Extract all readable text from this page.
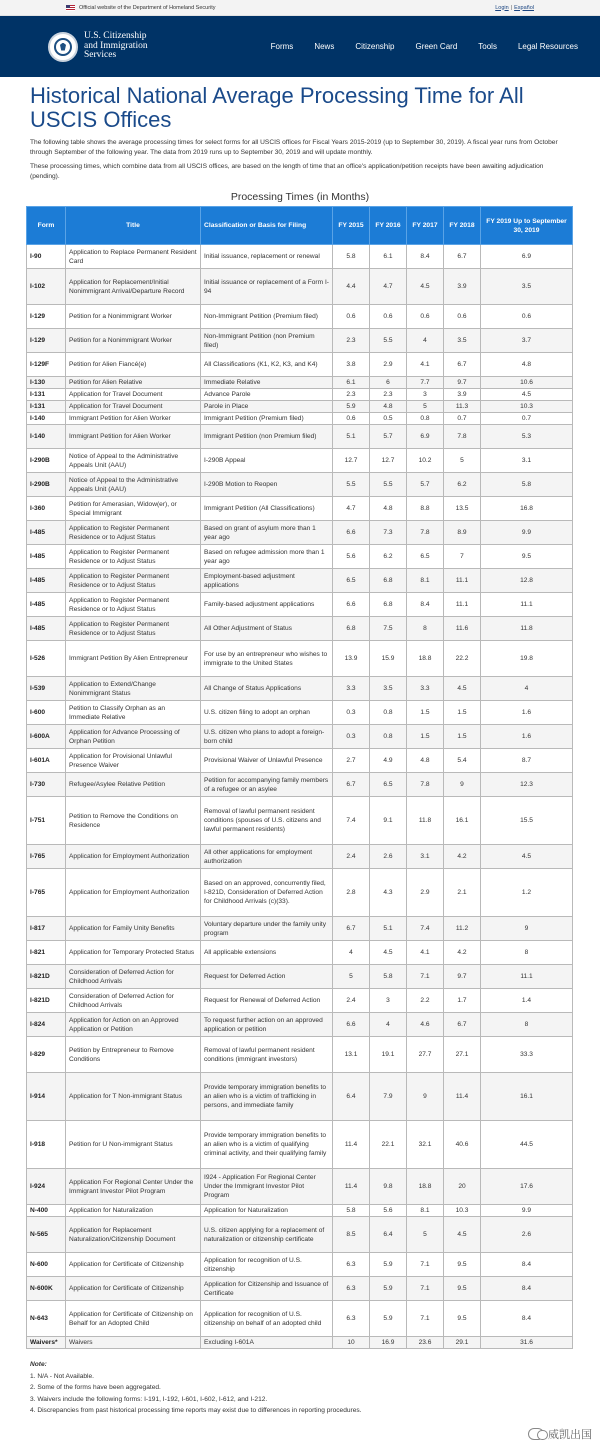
Official website of the Department of Homeland Security	Login | Español
U.S. Citizenship
and Immigration
Services
Forms	News	Citizenship	Green Card	Tools	Legal Resources
Historical National Average Processing Time for All USCIS Offices

The following table shows the average processing times for select forms for all USCIS offices for Fiscal Years 2015-2019 (up to September 30, 2019). A fiscal year runs from October through September of the following year. The data from 2019 runs up to September 30, 2019 and will update monthly.

These processing times, which combine data from all USCIS offices, are based on the length of time that an office's application/petition receipts have been awaiting adjudication (pending).

Processing Times (in Months)
Form	Title	Classification or Basis for Filing	FY 2015	FY 2016	FY 2017	FY 2018	FY 2019 Up to September 30, 2019
I-90	Application to Replace Permanent Resident Card	Initial issuance, replacement or renewal	5.8	6.1	8.4	6.7	6.9
I-102	Application for Replacement/Initial Nonimmigrant Arrival/Departure Record	Initial issuance or replacement of a Form I-94	4.4	4.7	4.5	3.9	3.5
I-129	Petition for a Nonimmigrant Worker	Non-Immigrant Petition (Premium filed)	0.6	0.6	0.6	0.6	0.6
I-129	Petition for a Nonimmigrant Worker	Non-Immigrant Petition (non Premium filed)	2.3	5.5	4	3.5	3.7
I-129F	Petition for Alien Fiancé(e)	All Classifications (K1, K2, K3, and K4)	3.8	2.9	4.1	6.7	4.8
I-130	Petition for Alien Relative	Immediate Relative	6.1	6	7.7	9.7	10.6
I-131	Application for Travel Document	Advance Parole	2.3	2.3	3	3.9	4.5
I-131	Application for Travel Document	Parole in Place	5.9	4.8	5	11.3	10.3
I-140	Immigrant Petition for Alien Worker	Immigrant Petition (Premium filed)	0.6	0.5	0.8	0.7	0.7
I-140	Immigrant Petition for Alien Worker	Immigrant Petition (non Premium filed)	5.1	5.7	6.9	7.8	5.3
I-290B	Notice of Appeal to the Administrative Appeals Unit (AAU)	I-290B Appeal	12.7	12.7	10.2	5	3.1
I-290B	Notice of Appeal to the Administrative Appeals Unit (AAU)	I-290B Motion to Reopen	5.5	5.5	5.7	6.2	5.8
I-360	Petition for Amerasian, Widow(er), or Special Immigrant	Immigrant Petition (All Classifications)	4.7	4.8	8.8	13.5	16.8
I-485	Application to Register Permanent Residence or to Adjust Status	Based on grant of asylum more than 1 year ago	6.6	7.3	7.8	8.9	9.9
I-485	Application to Register Permanent Residence or to Adjust Status	Based on refugee admission more than 1 year ago	5.6	6.2	6.5	7	9.5
I-485	Application to Register Permanent Residence or to Adjust Status	Employment-based adjustment applications	6.5	6.8	8.1	11.1	12.8
I-485	Application to Register Permanent Residence or to Adjust Status	Family-based adjustment applications	6.6	6.8	8.4	11.1	11.1
I-485	Application to Register Permanent Residence or to Adjust Status	All Other Adjustment of Status	6.8	7.5	8	11.6	11.8
I-526	Immigrant Petition By Alien Entrepreneur	For use by an entrepreneur who wishes to immigrate to the United States	13.9	15.9	18.8	22.2	19.8
I-539	Application to Extend/Change Nonimmigrant Status	All Change of Status Applications	3.3	3.5	3.3	4.5	4
I-600	Petition to Classify Orphan as an Immediate Relative	U.S. citizen filing to adopt an orphan	0.3	0.8	1.5	1.5	1.6
I-600A	Application for Advance Processing of Orphan Petition	U.S. citizen who plans to adopt a foreign-born child	0.3	0.8	1.5	1.5	1.6
I-601A	Application for Provisional Unlawful Presence Waiver	Provisional Waiver of Unlawful Presence	2.7	4.9	4.8	5.4	8.7
I-730	Refugee/Asylee Relative Petition	Petition for accompanying family members of a refugee or an asylee	6.7	6.5	7.8	9	12.3
I-751	Petition to Remove the Conditions on Residence	Removal of lawful permanent resident conditions (spouses of U.S. citizens and lawful permanent residents)	7.4	9.1	11.8	16.1	15.5
I-765	Application for Employment Authorization	All other applications for employment authorization	2.4	2.6	3.1	4.2	4.5
I-765	Application for Employment Authorization	Based on an approved, concurrently filed, I-821D, Consideration of Deferred Action for Childhood Arrivals (c)(33).	2.8	4.3	2.9	2.1	1.2
I-817	Application for Family Unity Benefits	Voluntary departure under the family unity program	6.7	5.1	7.4	11.2	9
I-821	Application for Temporary Protected Status	All applicable extensions	4	4.5	4.1	4.2	8
I-821D	Consideration of Deferred Action for Childhood Arrivals	Request for Deferred Action	5	5.8	7.1	9.7	11.1
I-821D	Consideration of Deferred Action for Childhood Arrivals	Request for Renewal of Deferred Action	2.4	3	2.2	1.7	1.4
I-824	Application for Action on an Approved Application or Petition	To request further action on an approved application or petition	6.6	4	4.6	6.7	8
I-829	Petition by Entrepreneur to Remove Conditions	Removal of lawful permanent resident conditions (immigrant investors)	13.1	19.1	27.7	27.1	33.3
I-914	Application for T Non-immigrant Status	Provide temporary immigration benefits to an alien who is a victim of trafficking in persons, and immediate family	6.4	7.9	9	11.4	16.1
I-918	Petition for U Non-immigrant Status	Provide temporary immigration benefits to an alien who is a victim of qualifying criminal activity, and their qualifying family	11.4	22.1	32.1	40.6	44.5
I-924	Application For Regional Center Under the Immigrant Investor Pilot Program	I924 - Application For Regional Center Under the Immigrant Investor Pilot Program	11.4	9.8	18.8	20	17.6
N-400	Application for Naturalization	Application for Naturalization	5.8	5.6	8.1	10.3	9.9
N-565	Application for Replacement Naturalization/Citizenship Document	U.S. citizen applying for a replacement of naturalization or citizenship certificate	8.5	6.4	5	4.5	2.6
N-600	Application for Certificate of Citizenship	Application for recognition of U.S. citizenship	6.3	5.9	7.1	9.5	8.4
N-600K	Application for Certificate of Citizenship	Application for Citizenship and Issuance of Certificate	6.3	5.9	7.1	9.5	8.4
N-643	Application for Certificate of Citizenship on Behalf for an Adopted Child	Application for recognition of U.S. citizenship on behalf of an adopted child	6.3	5.9	7.1	9.5	8.4
Waivers*	Waivers	Excluding I-601A	10	16.9	23.6	29.1	31.6
Note:
1. N/A - Not Available.
2. Some of the forms have been aggregated.
3. Waivers include the following forms: I-191, I-192, I-601, I-602, I-612, and I-212.
4. Discrepancies from past historical processing time reports may exist due to differences in reporting procedures.
威凯出国
